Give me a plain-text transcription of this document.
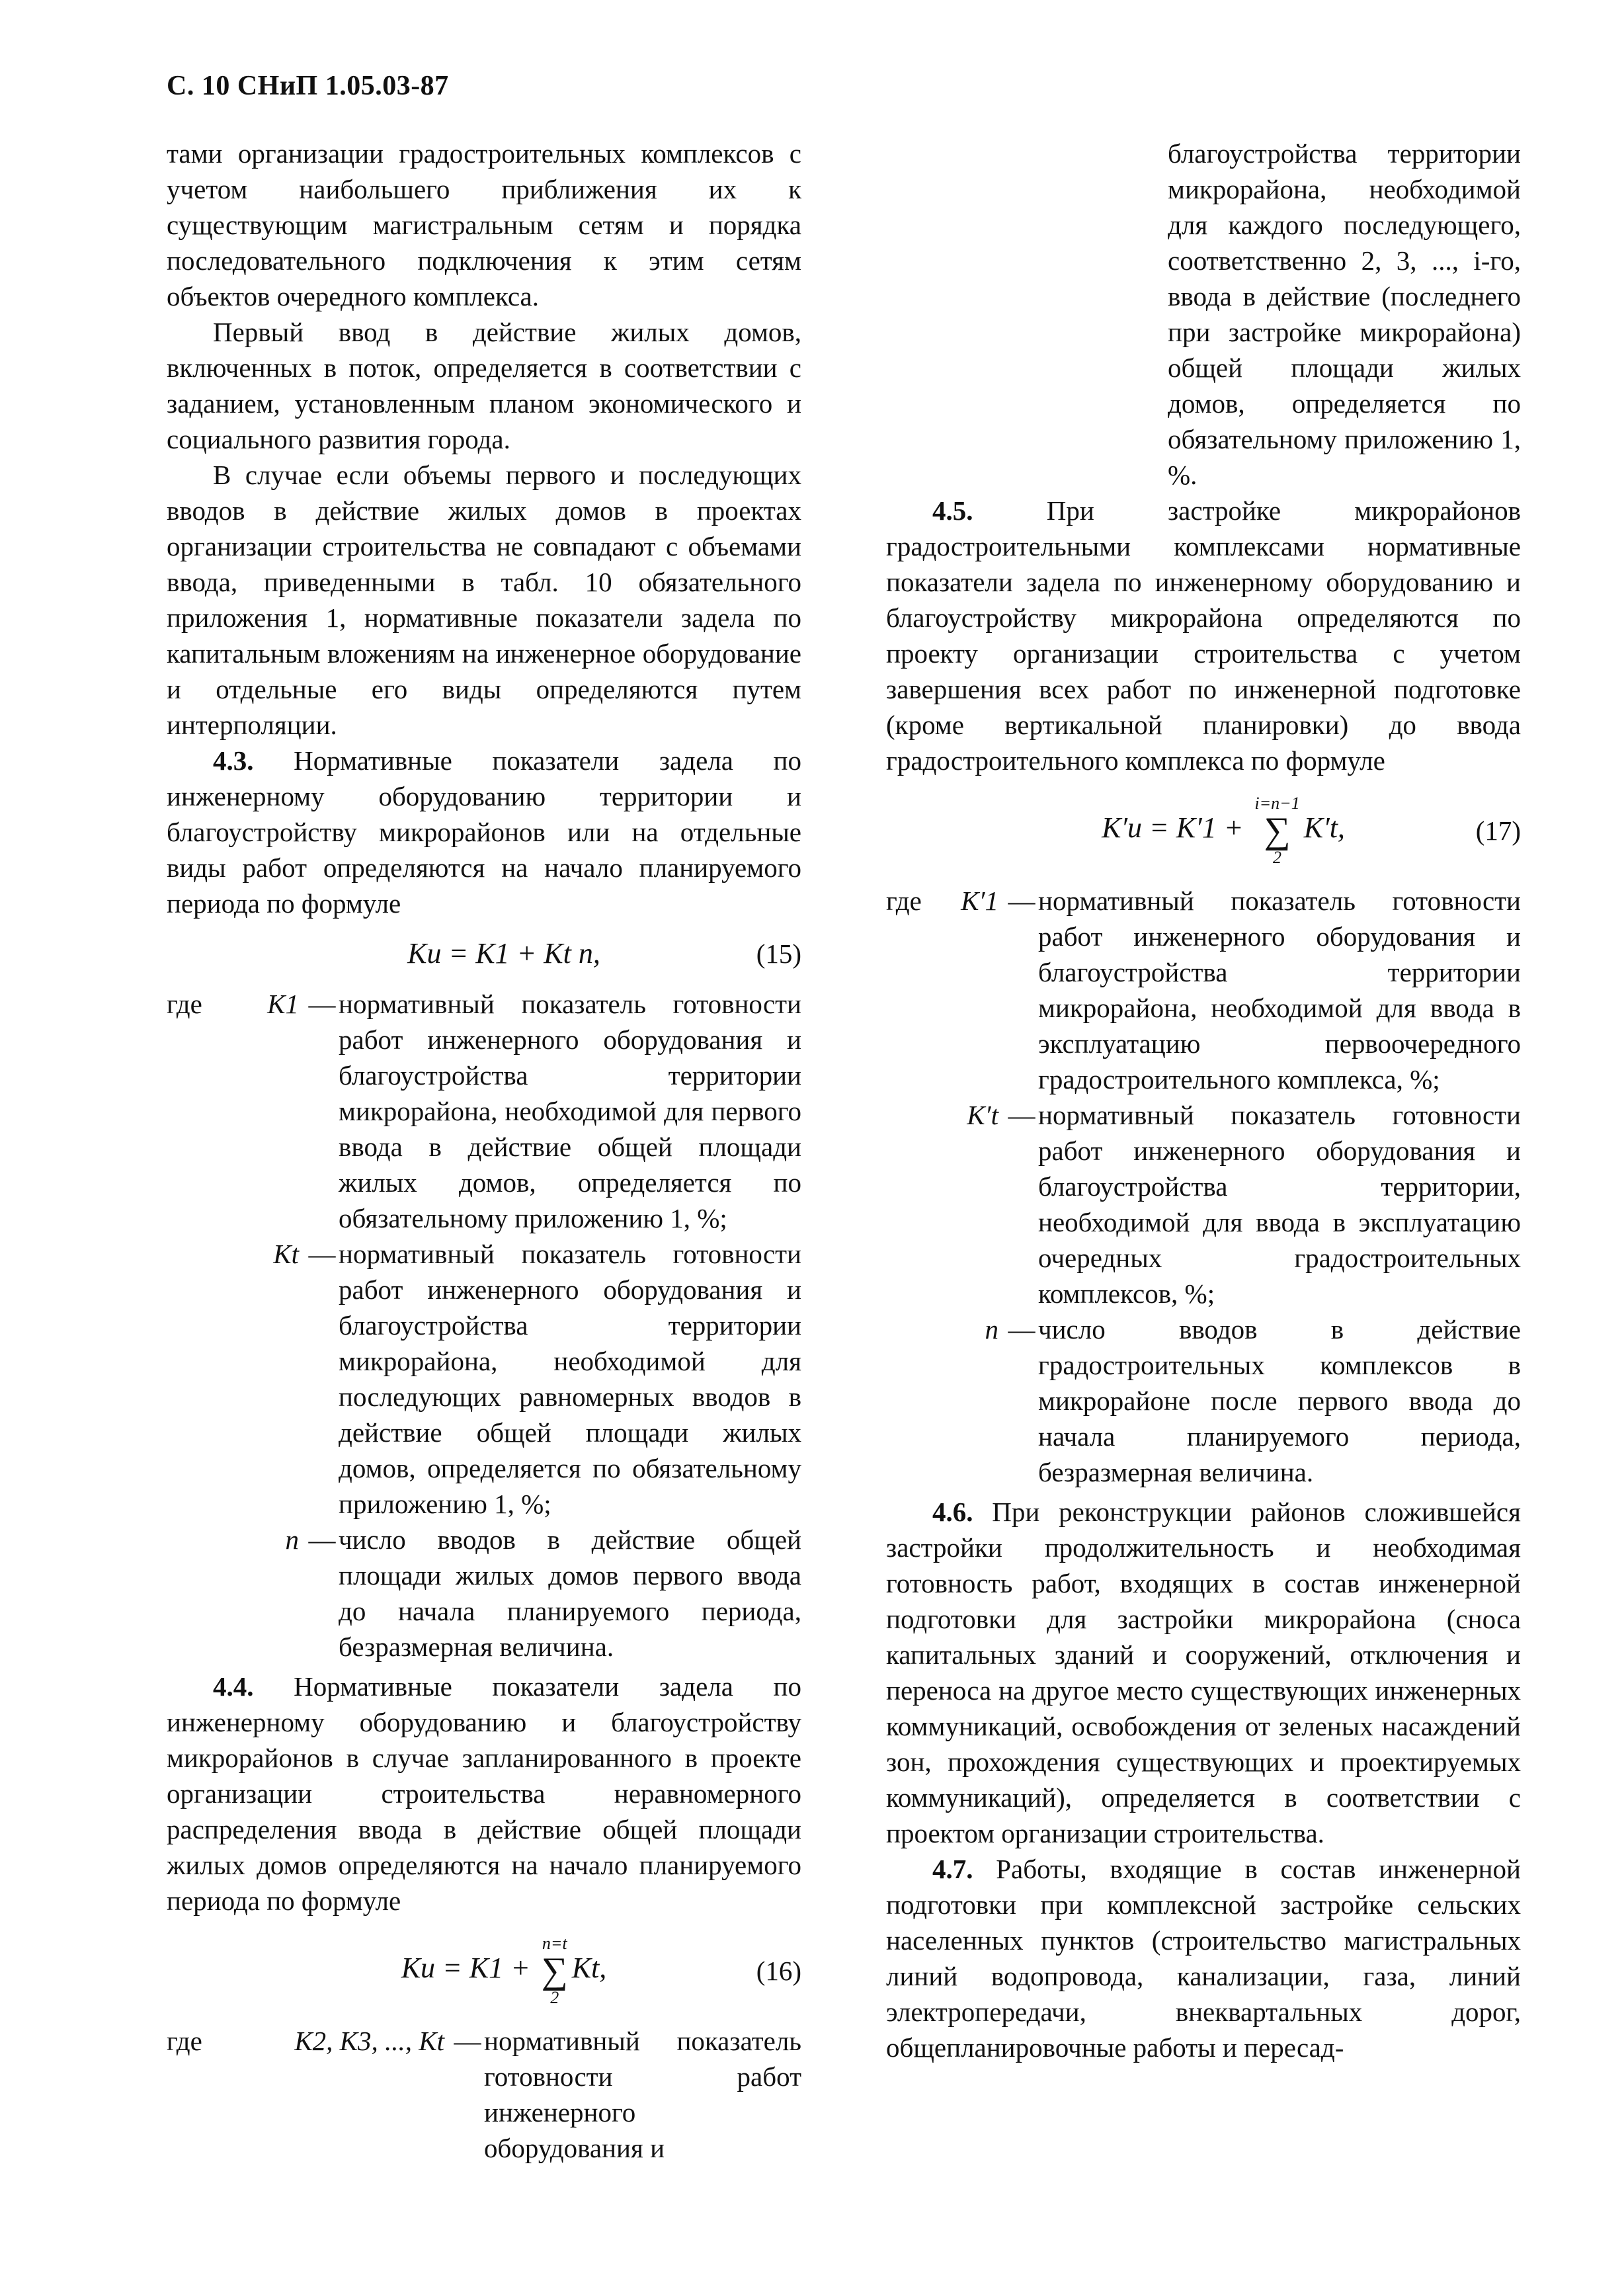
С. 10 СНиП 1.05.03-87

тами организации градостроительных комплексов с учетом наибольшего приближения их к существующим магистральным сетям и порядка последовательного подключения к этим сетям объектов очередного комплекса.

Первый ввод в действие жилых домов, включенных в поток, определяется в соответствии с заданием, установленным планом экономического и социального развития города.

В случае если объемы первого и последующих вводов в действие жилых домов в проектах организации строительства не совпадают с объемами ввода, приведенными в табл. 10 обязательного приложения 1, нормативные показатели задела по капитальным вложениям на инженерное оборудование и отдельные его виды определяются путем интерполяции.

4.3. Нормативные показатели задела по инженерному оборудованию территории и благоустройству микрорайонов или на отдельные виды работ определяются на начало планируемого периода по формуле

Kи = K1 + Kt n,	(15)
где	K1 — нормативный показатель готовности работ инженерного оборудования и благоустройства территории микрорайона, необходимой для первого ввода в действие общей площади жилых домов, определяется по обязательному приложению 1, %;
Kt — нормативный показатель готовности работ инженерного оборудования и благоустройства территории микрорайона, необходимой для последующих равномерных вводов в действие общей площади жилых домов, определяется по обязательному приложению 1, %;
n — число вводов в действие общей площади жилых домов первого ввода до начала планируемого периода, безразмерная величина.

4.4. Нормативные показатели задела по инженерному оборудованию и благоустройству микрорайонов в случае запланированного в проекте организации строительства неравномерного распределения ввода в действие общей площади жилых домов определяются на начало планируемого периода по формуле

Kи = K1 +
n=t
∑
2
Kt,	(16)
где	K2, K3, ..., Kt — нормативный показатель готовности работ инженерного оборудования и

благоустройства территории микрорайона, необходимой для каждого последующего, соответственно 2, 3, ..., i-го, ввода в действие (последнего при застройке микрорайона) общей площади жилых домов, определяется по обязательному приложению 1, %.

4.5. При застройке микрорайонов градостроительными комплексами нормативные показатели задела по инженерному оборудованию и благоустройству микрорайона определяются по проекту организации строительства с учетом завершения всех работ по инженерной подготовке (кроме вертикальной планировки) до ввода градостроительного комплекса по формуле

K′и = K′1 +
i=n−1
∑
2
K′t,	(17)
где	K′1 — нормативный показатель готовности работ инженерного оборудования и благоустройства территории микрорайона, необходимой для ввода в эксплуатацию первоочередного градостроительного комплекса, %;
K′t — нормативный показатель готовности работ инженерного оборудования и благоустройства территории, необходимой для ввода в эксплуатацию очередных градостроительных комплексов, %;
n — число вводов в действие градостроительных комплексов в микрорайоне после первого ввода до начала планируемого периода, безразмерная величина.

4.6. При реконструкции районов сложившейся застройки продолжительность и необходимая готовность работ, входящих в состав инженерной подготовки для застройки микрорайона (сноса капитальных зданий и сооружений, отключения и переноса на другое место существующих инженерных коммуникаций, освобождения от зеленых насаждений зон, прохождения существующих и проектируемых коммуникаций), определяется в соответствии с проектом организации строительства.

4.7. Работы, входящие в состав инженерной подготовки при комплексной застройке сельских населенных пунктов (строительство магистральных линий водопровода, канализации, газа, линий электропередачи, внеквартальных дорог, общепланировочные работы и пересад-
